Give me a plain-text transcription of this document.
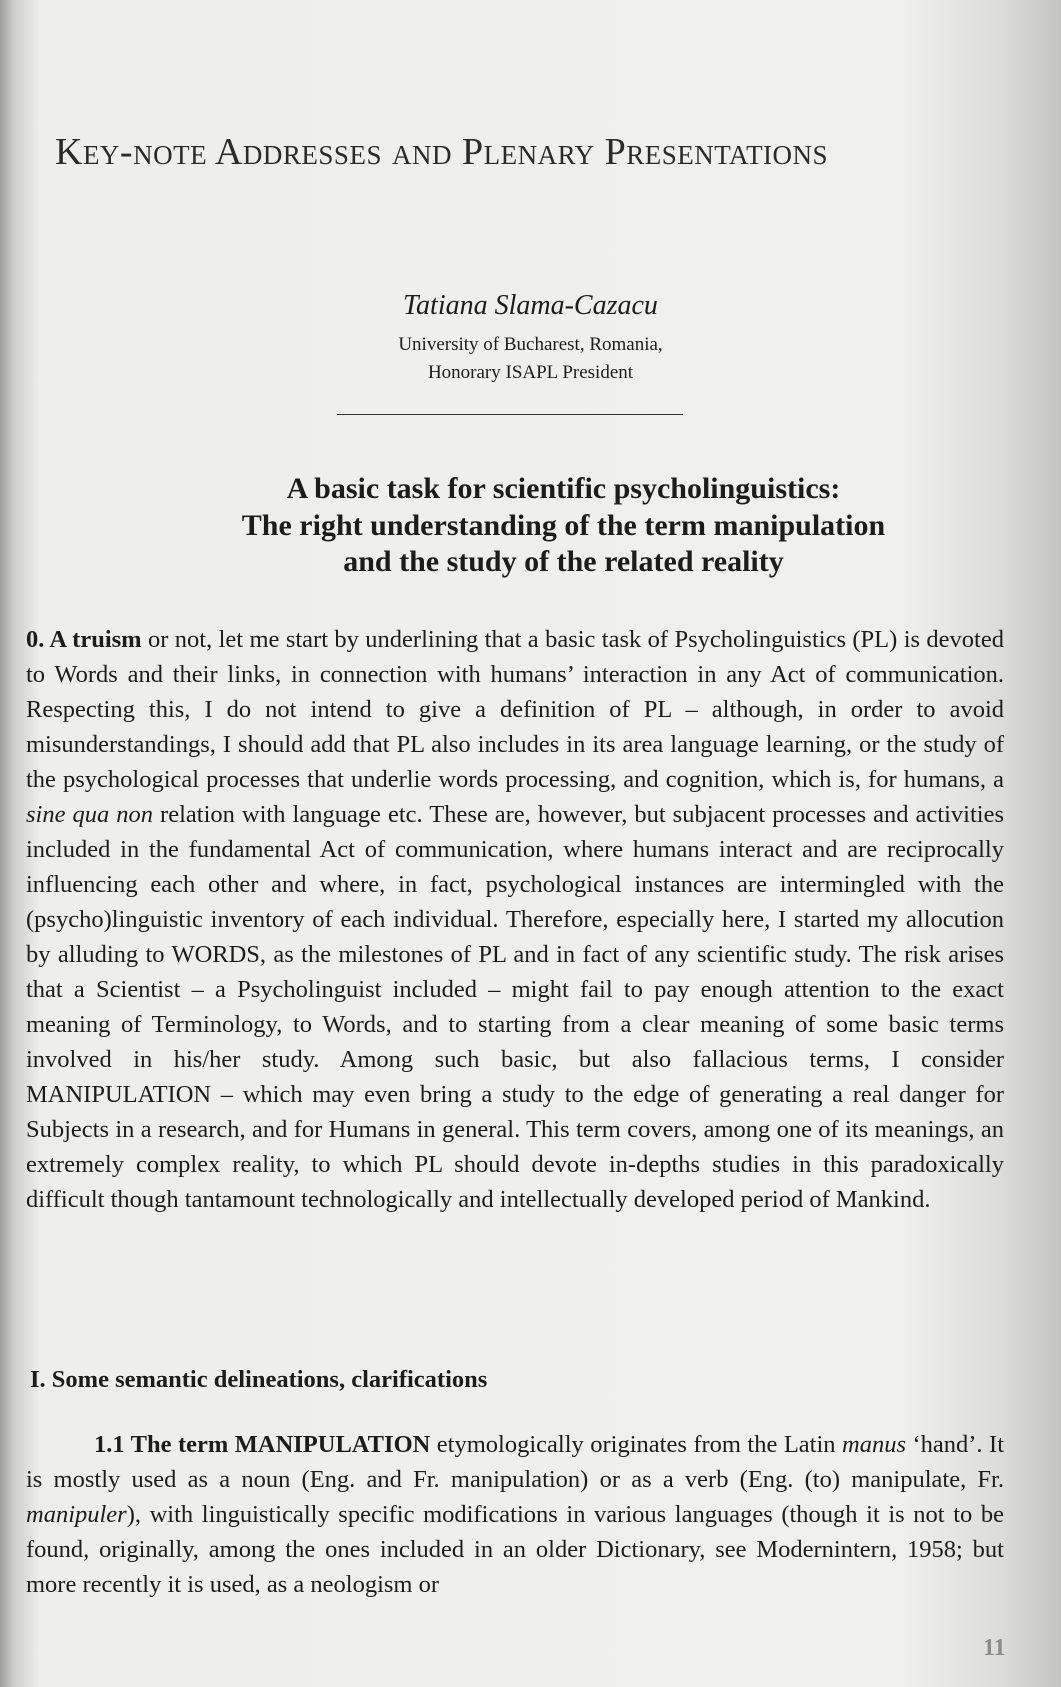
Key-note Addresses and Plenary Presentations
Tatiana Slama-Cazacu
University of Bucharest, Romania,
Honorary ISAPL President
A basic task for scientific psycholinguistics:
The right understanding of the term manipulation
and the study of the related reality
0. A truism or not, let me start by underlining that a basic task of Psycholinguistics (PL) is devoted to Words and their links, in connection with humans’ interaction in any Act of communication. Respecting this, I do not intend to give a definition of PL – although, in order to avoid misunderstandings, I should add that PL also includes in its area language learning, or the study of the psychological processes that underlie words processing, and cognition, which is, for humans, a sine qua non relation with language etc. These are, however, but subjacent processes and activities included in the fundamental Act of communication, where humans interact and are reciprocally influencing each other and where, in fact, psychological instances are intermingled with the (psycho)linguistic inventory of each individual. Therefore, especially here, I started my allocution by alluding to WORDS, as the milestones of PL and in fact of any scientific study. The risk arises that a Scientist – a Psycholinguist included – might fail to pay enough attention to the exact meaning of Terminology, to Words, and to starting from a clear meaning of some basic terms involved in his/her study. Among such basic, but also fallacious terms, I consider MANIPULATION – which may even bring a study to the edge of generating a real danger for Subjects in a research, and for Humans in general. This term covers, among one of its meanings, an extremely complex reality, to which PL should devote in-depths studies in this paradoxically difficult though tantamount technologically and intellectually developed period of Mankind.
I. Some semantic delineations, clarifications
1.1 The term MANIPULATION etymologically originates from the Latin manus ‘hand’. It is mostly used as a noun (Eng. and Fr. manipulation) or as a verb (Eng. (to) manipulate, Fr. manipuler), with linguistically specific modifications in various languages (though it is not to be found, originally, among the ones included in an older Dictionary, see Modernintern, 1958; but more recently it is used, as a neologism or
11
